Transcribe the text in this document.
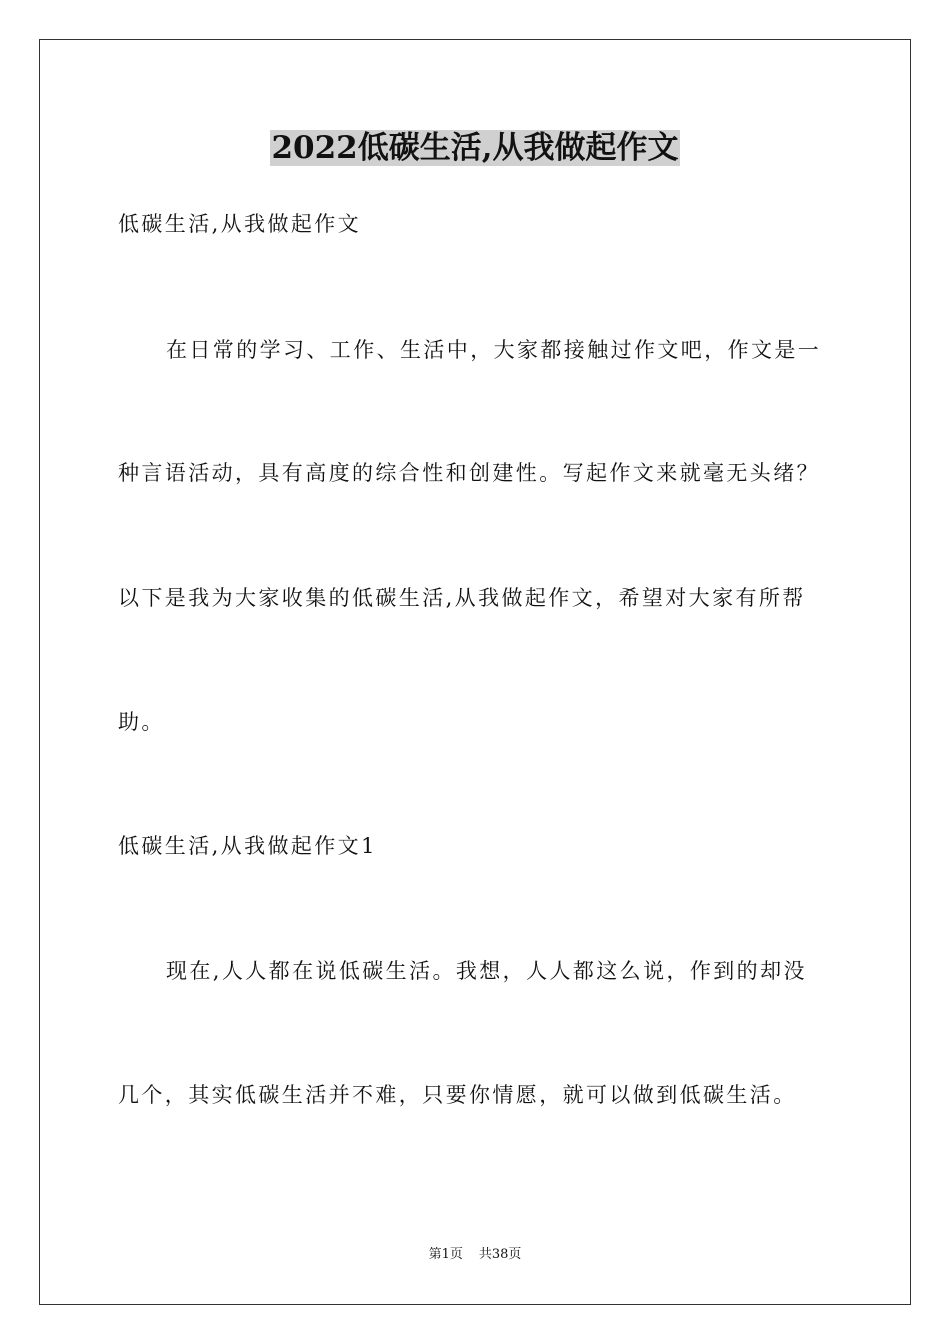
2022低碳生活,从我做起作文
低碳生活,从我做起作文
在日常的学习、工作、生活中，大家都接触过作文吧，作文是一
种言语活动，具有高度的综合性和创建性。写起作文来就毫无头绪？
以下是我为大家收集的低碳生活,从我做起作文，希望对大家有所帮
助。
低碳生活,从我做起作文1
现在,人人都在说低碳生活。我想，人人都这么说，作到的却没
几个，其实低碳生活并不难，只要你情愿，就可以做到低碳生活。
第1页 共38页
